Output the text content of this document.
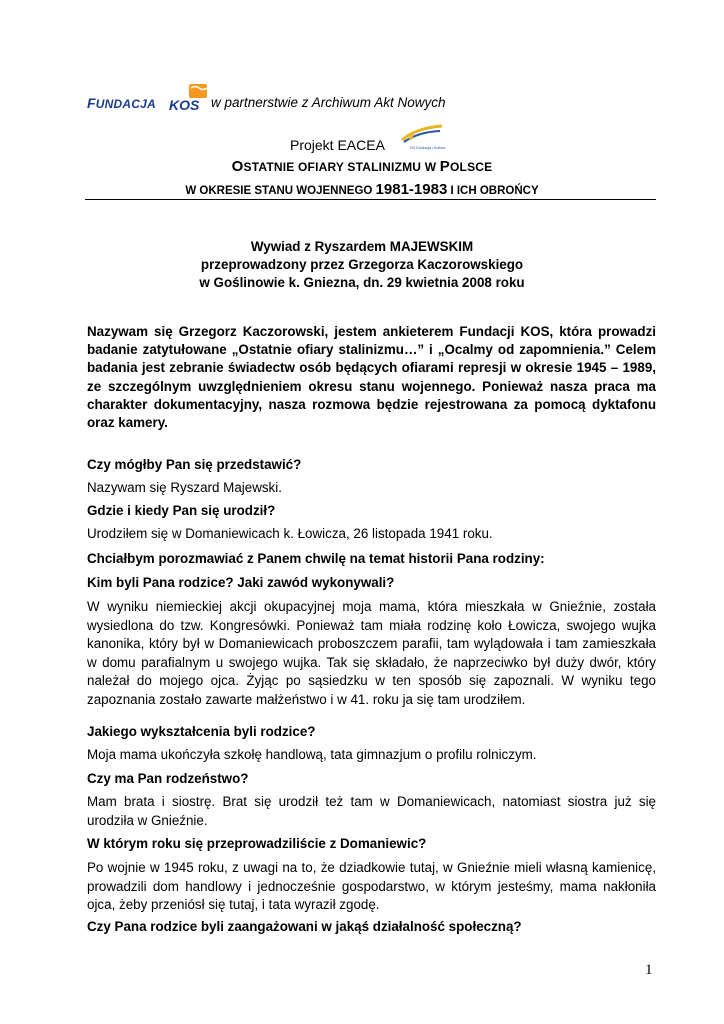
FUNDACJA KOS w partnerstwie z Archiwum Akt Nowych
Projekt EACEA	DG Edukacja i Kultura
OSTATNIE OFIARY STALINIZMU W POLSCE
W OKRESIE STANU WOJENNEGO 1981-1983 I ICH OBROŃCY
Wywiad z Ryszardem MAJEWSKIM
przeprowadzony przez Grzegorza Kaczorowskiego
w Goślinowie k. Gniezna, dn. 29 kwietnia 2008 roku
Nazywam się Grzegorz Kaczorowski, jestem ankieterem Fundacji KOS, która prowadzi badanie zatytułowane „Ostatnie ofiary stalinizmu…” i „Ocalmy od zapomnienia.” Celem badania jest zebranie świadectw osób będących ofiarami represji w okresie 1945 – 1989, ze szczególnym uwzględnieniem okresu stanu wojennego. Ponieważ nasza praca ma charakter dokumentacyjny, nasza rozmowa będzie rejestrowana za pomocą dyktafonu oraz kamery.
Czy mógłby Pan się przedstawić?
Nazywam się Ryszard Majewski.
Gdzie i kiedy Pan się urodził?
Urodziłem się w Domaniewicach k. Łowicza, 26 listopada 1941 roku.
Chciałbym porozmawiać z Panem chwilę na temat historii Pana rodziny:
Kim byli Pana rodzice? Jaki zawód wykonywali?
W wyniku niemieckiej akcji okupacyjnej moja mama, która mieszkała w Gnieźnie, została wysiedlona do tzw. Kongresówki. Ponieważ tam miała rodzinę koło Łowicza, swojego wujka kanonika, który był w Domaniewicach proboszczem parafii, tam wylądowała i tam zamieszkała w domu parafialnym u swojego wujka. Tak się składało, że naprzeciwko był duży dwór, który należał do mojego ojca. Żyjąc po sąsiedzku w ten sposób się zapoznali. W wyniku tego zapoznania zostało zawarte małżeństwo i w 41. roku ja się tam urodziłem.
Jakiego wykształcenia byli rodzice?
Moja mama ukończyła szkołę handlową, tata gimnazjum o profilu rolniczym.
Czy ma Pan rodzeństwo?
Mam brata i siostrę. Brat się urodził też tam w Domaniewicach, natomiast siostra już się urodziła w Gnieźnie.
W którym roku się przeprowadziliście z Domaniewic?
Po wojnie w 1945 roku, z uwagi na to, że dziadkowie tutaj, w Gnieźnie mieli własną kamienicę, prowadzili dom handlowy i jednocześnie gospodarstwo, w którym jesteśmy, mama nakłoniła ojca, żeby przeniósł się tutaj, i tata wyraził zgodę.
Czy Pana rodzice byli zaangażowani w jakąś działalność społeczną?
1
